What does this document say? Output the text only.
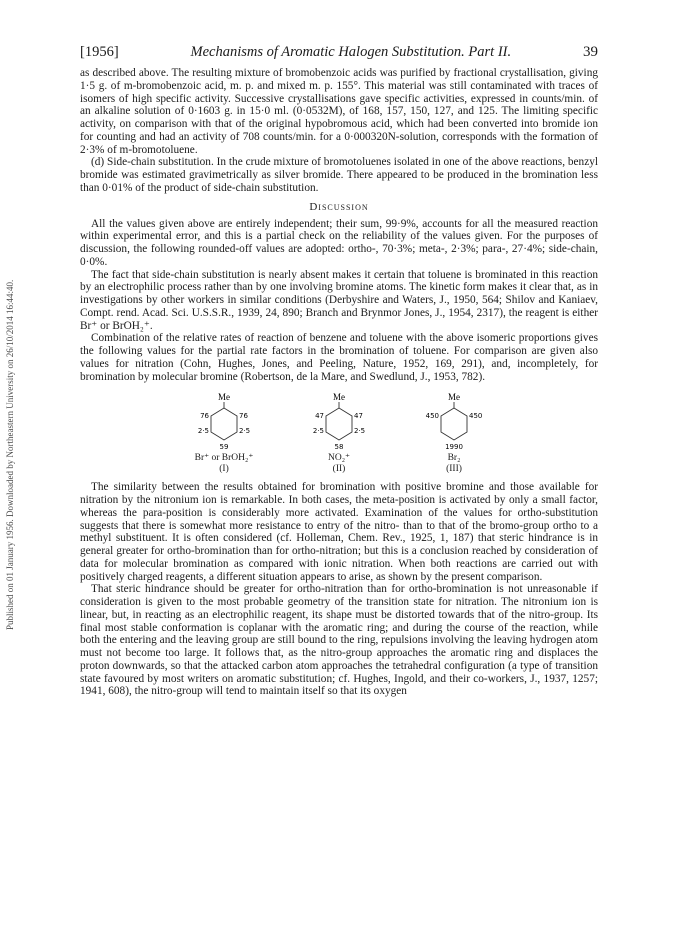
Published on 01 January 1956. Downloaded by Northeastern University on 26/10/2014 16:44:40.
[1956]	Mechanisms of Aromatic Halogen Substitution. Part II.	39

as described above. The resulting mixture of bromobenzoic acids was purified by fractional crystallisation, giving 1·5 g. of m-bromobenzoic acid, m. p. and mixed m. p. 155°. This material was still contaminated with traces of isomers of high specific activity. Successive crystallisations gave specific activities, expressed in counts/min. of an alkaline solution of 0·1603 g. in 15·0 ml. (0·0532M), of 168, 157, 150, 127, and 125. The limiting specific activity, on comparison with that of the original hypobromous acid, which had been converted into bromide ion for counting and had an activity of 708 counts/min. for a 0·000320N-solution, corresponds with the formation of 2·3% of m-bromotoluene.

(d) Side-chain substitution. In the crude mixture of bromotoluenes isolated in one of the above reactions, benzyl bromide was estimated gravimetrically as silver bromide. There appeared to be produced in the bromination less than 0·01% of the product of side-chain substitution.

Discussion

All the values given above are entirely independent; their sum, 99·9%, accounts for all the measured reaction within experimental error, and this is a partial check on the reliability of the values given. For the purposes of discussion, the following rounded-off values are adopted: ortho-, 70·3%; meta-, 2·3%; para-, 27·4%; side-chain, 0·0%.

The fact that side-chain substitution is nearly absent makes it certain that toluene is brominated in this reaction by an electrophilic process rather than by one involving bromine atoms. The kinetic form makes it clear that, as in investigations by other workers in similar conditions (Derbyshire and Waters, J., 1950, 564; Shilov and Kaniaev, Compt. rend. Acad. Sci. U.S.S.R., 1939, 24, 890; Branch and Brynmor Jones, J., 1954, 2317), the reagent is either Br⁺ or BrOH₂⁺.

Combination of the relative rates of reaction of benzene and toluene with the above isomeric proportions gives the following values for the partial rate factors in the bromination of toluene. For comparison are given also values for nitration (Cohn, Hughes, Jones, and Peeling, Nature, 1952, 169, 291), and, incompletely, for bromination by molecular bromine (Robertson, de la Mare, and Swedlund, J., 1953, 782).

Me
76	76
2·5	2·5
59
Br⁺ or BrOH₂⁺
(I)
Me
47	47
2·5	2·5
58
NO₂⁺
(II)
Me
450	450
1990
Br₂
(III)

The similarity between the results obtained for bromination with positive bromine and those available for nitration by the nitronium ion is remarkable. In both cases, the meta-position is activated by only a small factor, whereas the para-position is considerably more activated. Examination of the values for ortho-substitution suggests that there is somewhat more resistance to entry of the nitro- than to that of the bromo-group ortho to a methyl substituent. It is often considered (cf. Holleman, Chem. Rev., 1925, 1, 187) that steric hindrance is in general greater for ortho-bromination than for ortho-nitration; but this is a conclusion reached by consideration of data for molecular bromination as compared with ionic nitration. When both reactions are carried out with positively charged reagents, a different situation appears to arise, as shown by the present comparison.

That steric hindrance should be greater for ortho-nitration than for ortho-bromination is not unreasonable if consideration is given to the most probable geometry of the transition state for nitration. The nitronium ion is linear, but, in reacting as an electrophilic reagent, its shape must be distorted towards that of the nitro-group. Its final most stable conformation is coplanar with the aromatic ring; and during the course of the reaction, while both the entering and the leaving group are still bound to the ring, repulsions involving the leaving hydrogen atom must not become too large. It follows that, as the nitro-group approaches the aromatic ring and displaces the proton downwards, so that the attacked carbon atom approaches the tetrahedral configuration (a type of transition state favoured by most writers on aromatic substitution; cf. Hughes, Ingold, and their co-workers, J., 1937, 1257; 1941, 608), the nitro-group will tend to maintain itself so that its oxygen
